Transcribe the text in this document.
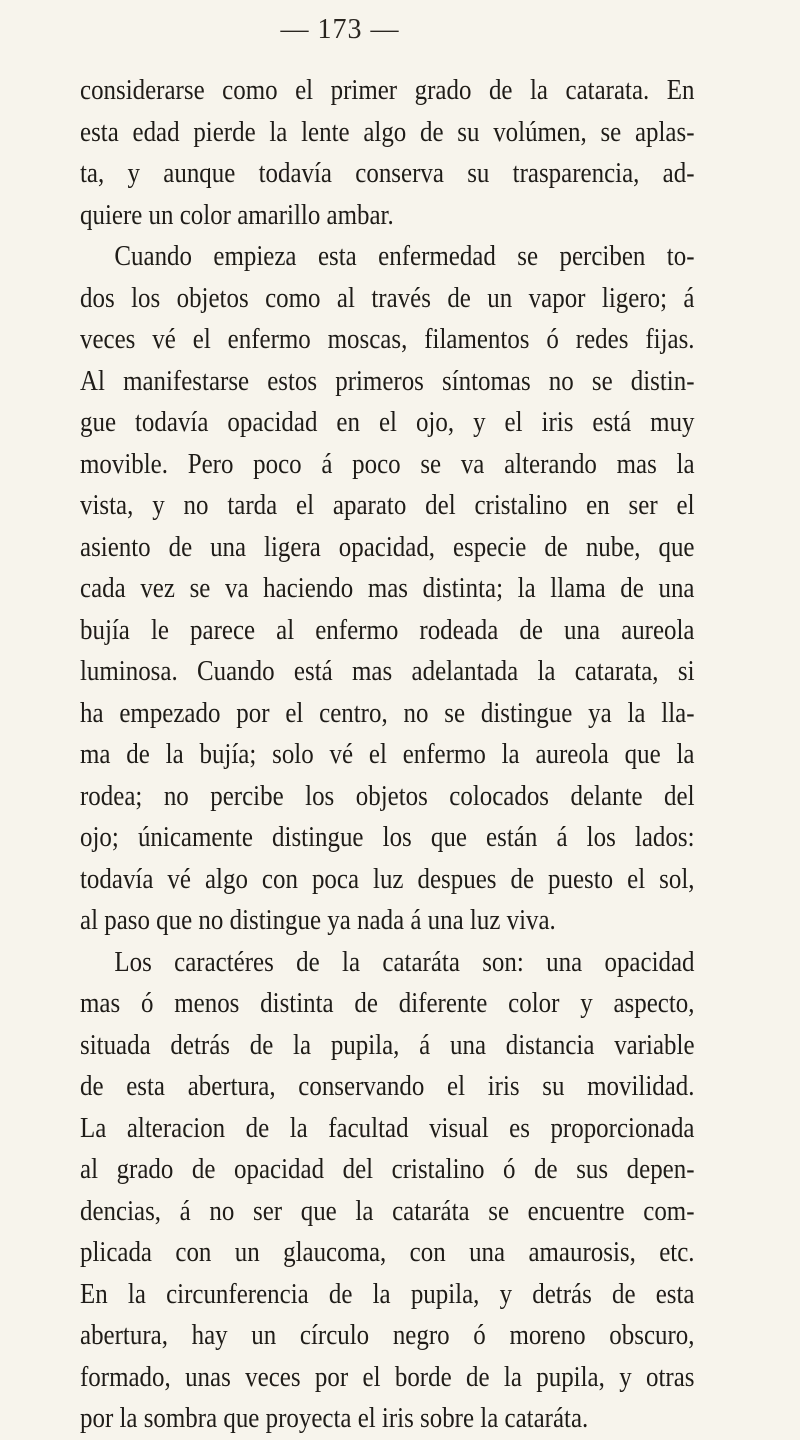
— 173 —
considerarse como el primer grado de la catarata. En
esta edad pierde la lente algo de su volúmen, se aplas-
ta, y aunque todavía conserva su trasparencia, ad-
quiere un color amarillo ambar.
Cuando empieza esta enfermedad se perciben to-
dos los objetos como al través de un vapor ligero; á
veces vé el enfermo moscas, filamentos ó redes fijas.
Al manifestarse estos primeros síntomas no se distin-
gue todavía opacidad en el ojo, y el iris está muy
movible. Pero poco á poco se va alterando mas la
vista, y no tarda el aparato del cristalino en ser el
asiento de una ligera opacidad, especie de nube, que
cada vez se va haciendo mas distinta; la llama de una
bujía le parece al enfermo rodeada de una aureola
luminosa. Cuando está mas adelantada la catarata, si
ha empezado por el centro, no se distingue ya la lla-
ma de la bujía; solo vé el enfermo la aureola que la
rodea; no percibe los objetos colocados delante del
ojo; únicamente distingue los que están á los lados:
todavía vé algo con poca luz despues de puesto el sol,
al paso que no distingue ya nada á una luz viva.
Los caractéres de la cataráta son: una opacidad
mas ó menos distinta de diferente color y aspecto,
situada detrás de la pupila, á una distancia variable
de esta abertura, conservando el iris su movilidad.
La alteracion de la facultad visual es proporcionada
al grado de opacidad del cristalino ó de sus depen-
dencias, á no ser que la cataráta se encuentre com-
plicada con un glaucoma, con una amaurosis, etc.
En la circunferencia de la pupila, y detrás de esta
abertura, hay un círculo negro ó moreno obscuro,
formado, unas veces por el borde de la pupila, y otras
por la sombra que proyecta el iris sobre la cataráta.
